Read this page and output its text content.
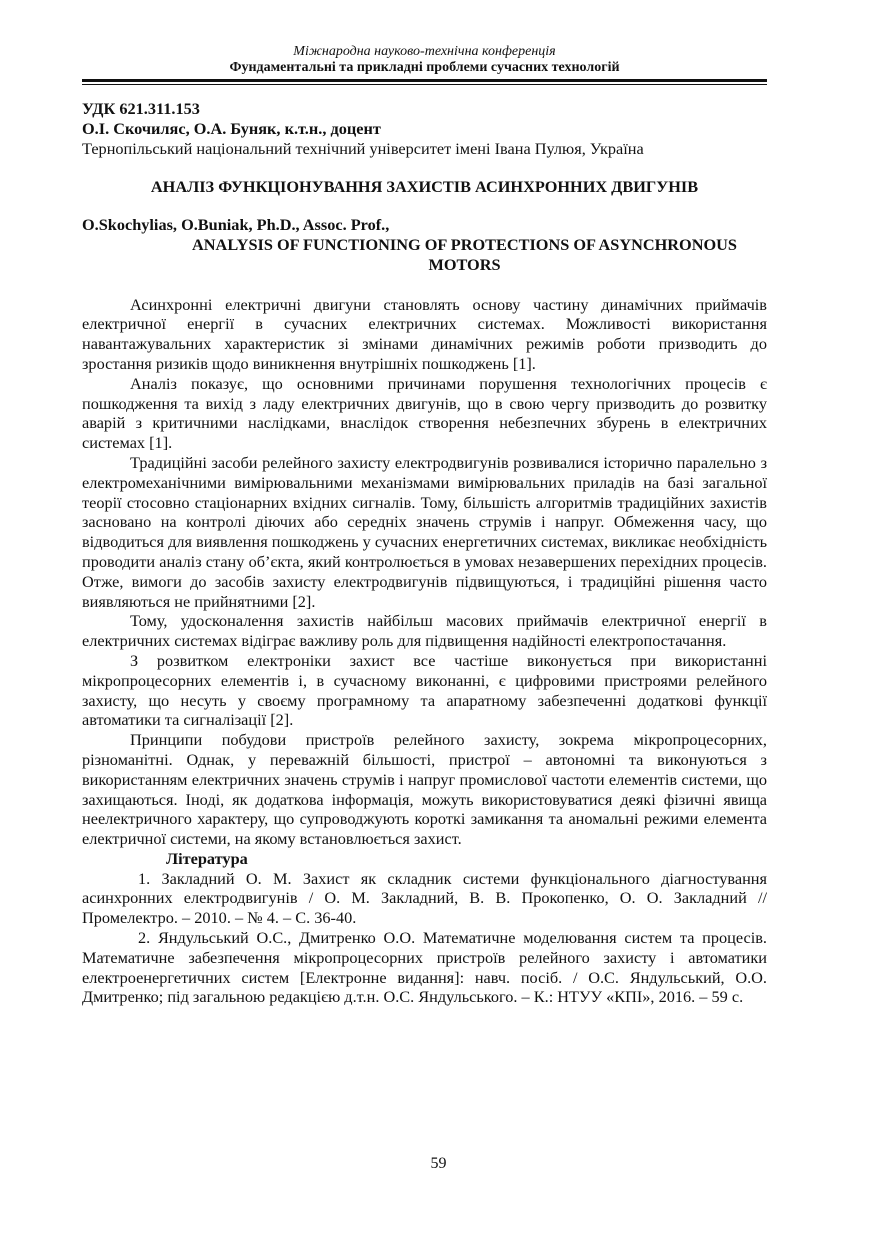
Міжнародна науково-технічна конференція
Фундаментальні та прикладні проблеми сучасних технологій
УДК 621.311.153
О.І. Скочиляс, О.А. Буняк, к.т.н., доцент
Тернопільський національний технічний університет імені Івана Пулюя, Україна
АНАЛІЗ ФУНКЦІОНУВАННЯ ЗАХИСТІВ АСИНХРОННИХ ДВИГУНІВ
O.Skochylias, O.Buniak, Ph.D., Assoc. Prof.,
ANALYSIS OF FUNCTIONING OF PROTECTIONS OF ASYNCHRONOUS
MOTORS

Асинхронні електричні двигуни становлять основу частину динамічних приймачів електричної енергії в сучасних електричних системах. Можливості використання навантажувальних характеристик зі змінами динамічних режимів роботи призводить до зростання ризиків щодо виникнення внутрішніх пошкоджень [1].

Аналіз показує, що основними причинами порушення технологічних процесів є пошкодження та вихід з ладу електричних двигунів, що в свою чергу призводить до розвитку аварій з критичними наслідками, внаслідок створення небезпечних збурень в електричних системах [1].

Традиційні засоби релейного захисту електродвигунів розвивалися історично паралельно з електромеханічними вимірювальними механізмами вимірювальних приладів на базі загальної теорії стосовно стаціонарних вхідних сигналів. Тому, більшість алгоритмів традиційних захистів засновано на контролі діючих або середніх значень струмів і напруг. Обмеження часу, що відводиться для виявлення пошкоджень у сучасних енергетичних системах, викликає необхідність проводити аналіз стану об’єкта, який контролюється в умовах незавершених перехідних процесів. Отже, вимоги до засобів захисту електродвигунів підвищуються, і традиційні рішення часто виявляються не прийнятними [2].

Тому, удосконалення захистів найбільш масових приймачів електричної енергії в електричних системах відіграє важливу роль для підвищення надійності електропостачання.

З розвитком електроніки захист все частіше виконується при використанні мікропроцесорних елементів і, в сучасному виконанні, є цифровими пристроями релейного захисту, що несуть у своєму програмному та апаратному забезпеченні додаткові функції автоматики та сигналізації [2].

Принципи побудови пристроїв релейного захисту, зокрема мікропроцесорних, різноманітні. Однак, у переважній більшості, пристрої – автономні та виконуються з використанням електричних значень струмів і напруг промислової частоти елементів системи, що захищаються. Іноді, як додаткова інформація, можуть використовуватися деякі фізичні явища неелектричного характеру, що супроводжують короткі замикання та аномальні режими елемента електричної системи, на якому встановлюється захист.

Література

1. Закладний О. М. Захист як складник системи функціонального діагностування асинхронних електродвигунів / О. М. Закладний, В. В. Прокопенко, О. О. Закладний // Промелектро. – 2010. – № 4. – С. 36-40.

2. Яндульський О.С., Дмитренко О.О. Математичне моделювання систем та процесів. Математичне забезпечення мікропроцесорних пристроїв релейного захисту і автоматики електроенергетичних систем [Електронне видання]: навч. посіб. / О.С. Яндульський, О.О. Дмитренко; під загальною редакцією д.т.н. О.С. Яндульського. – К.: НТУУ «КПІ», 2016. – 59 с.

59
